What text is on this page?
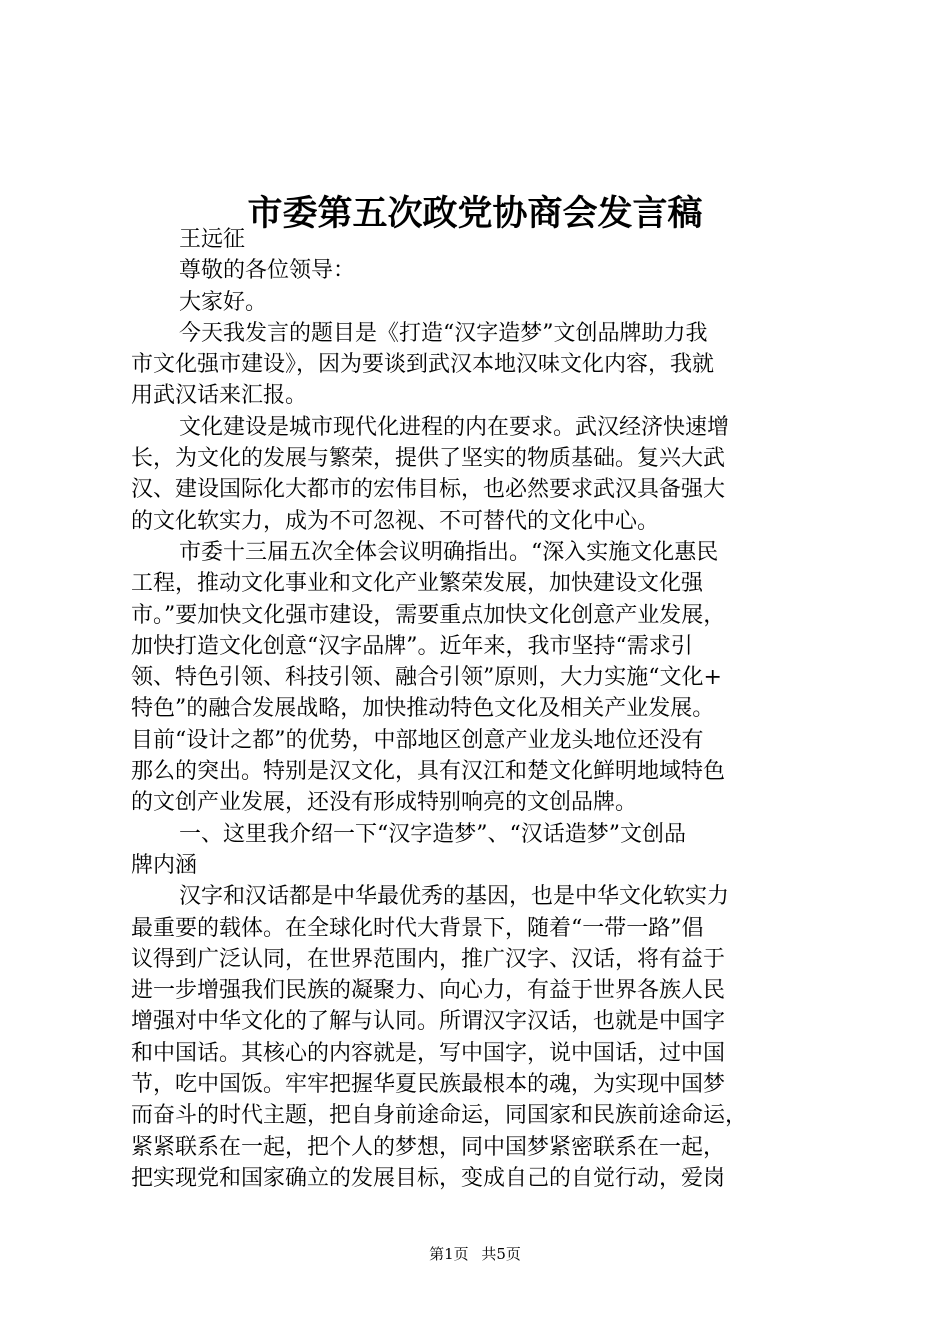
市委第五次政党协商会发言稿
王远征
尊敬的各位领导：
大家好。
今天我发言的题目是《打造“汉字造梦”文创品牌助力我
市文化强市建设》，因为要谈到武汉本地汉味文化内容，我就
用武汉话来汇报。
文化建设是城市现代化进程的内在要求。武汉经济快速增
长，为文化的发展与繁荣，提供了坚实的物质基础。复兴大武
汉、建设国际化大都市的宏伟目标，也必然要求武汉具备强大
的文化软实力，成为不可忽视、不可替代的文化中心。
市委十三届五次全体会议明确指出。“深入实施文化惠民
工程，推动文化事业和文化产业繁荣发展，加快建设文化强
市。”要加快文化强市建设，需要重点加快文化创意产业发展，
加快打造文化创意“汉字品牌”。近年来，我市坚持“需求引
领、特色引领、科技引领、融合引领”原则，大力实施“文化+
特色”的融合发展战略，加快推动特色文化及相关产业发展。
目前“设计之都”的优势，中部地区创意产业龙头地位还没有
那么的突出。特别是汉文化，具有汉江和楚文化鲜明地域特色
的文创产业发展，还没有形成特别响亮的文创品牌。
一、这里我介绍一下“汉字造梦”、“汉话造梦”文创品
牌内涵
汉字和汉话都是中华最优秀的基因，也是中华文化软实力
最重要的载体。在全球化时代大背景下，随着“一带一路”倡
议得到广泛认同，在世界范围内，推广汉字、汉话，将有益于
进一步增强我们民族的凝聚力、向心力，有益于世界各族人民
增强对中华文化的了解与认同。所谓汉字汉话，也就是中国字
和中国话。其核心的内容就是，写中国字，说中国话，过中国
节，吃中国饭。牢牢把握华夏民族最根本的魂，为实现中国梦
而奋斗的时代主题，把自身前途命运，同国家和民族前途命运，
紧紧联系在一起，把个人的梦想，同中国梦紧密联系在一起，
把实现党和国家确立的发展目标，变成自己的自觉行动，爱岗
第1页 共5页
